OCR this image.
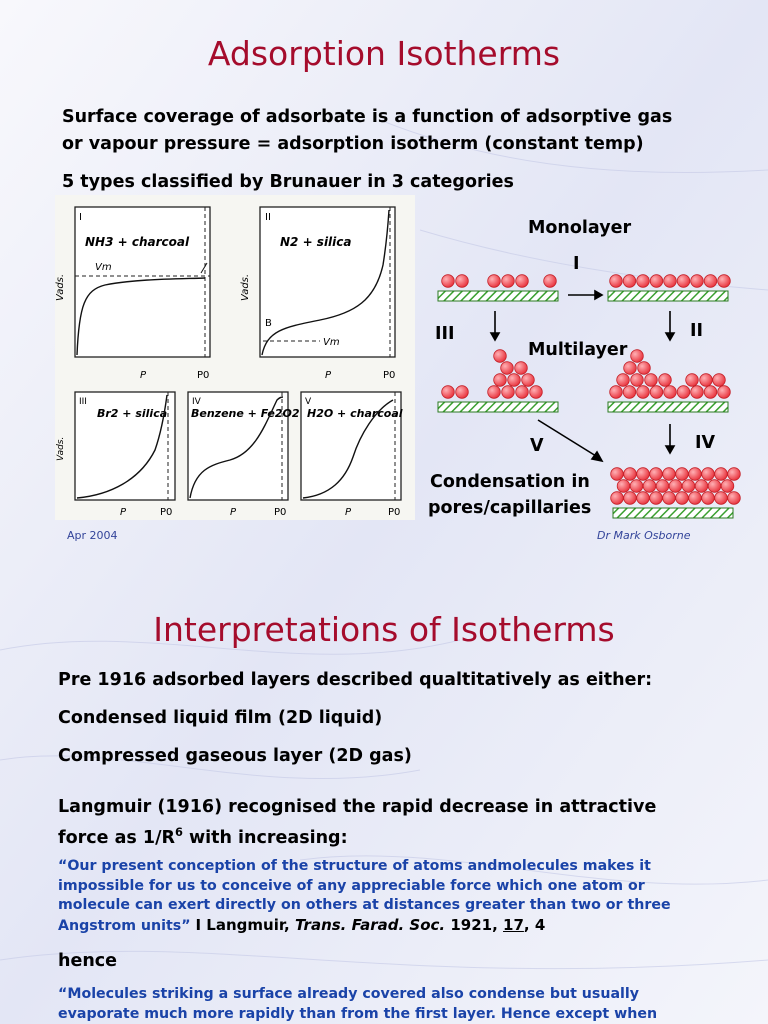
Adsorption Isotherms
Surface coverage of adsorbate is a function of adsorptive gas
or vapour pressure = adsorption isotherm (constant temp)
5 types classified by Brunauer in 3 categories
I
NH3 + charcoal
Vm
Vads.
P	P0
II
N2 + silica
B
Vm
Vads.
P	P0
III
Br2 + silica
Vads.
P	P0
IV
Benzene + Fe2O2
P	P0
V
H2O + charcoal
P	P0
Monolayer
I
II
III
IV
V
Multilayer
Condensation in
pores/capillaries
Apr 2004	Dr Mark Osborne
Interpretations of Isotherms
Pre 1916 adsorbed layers described qualtitatively as either:
Condensed liquid film (2D liquid)
Compressed gaseous layer (2D gas)
Langmuir (1916) recognised the rapid decrease in attractive
force as $1/R^6$ with increasing:
“Our present conception of the structure of atoms andmolecules makes it
impossible for us to conceive of any appreciable force which one atom or
molecule can exert directly on others at distances greater than two or three
Angstrom units” I Langmuir, Trans. Farad. Soc. 1921, 17, 4
hence
“Molecules striking a surface already covered also condense but usually
evaporate much more rapidly than from the first layer. Hence except when
